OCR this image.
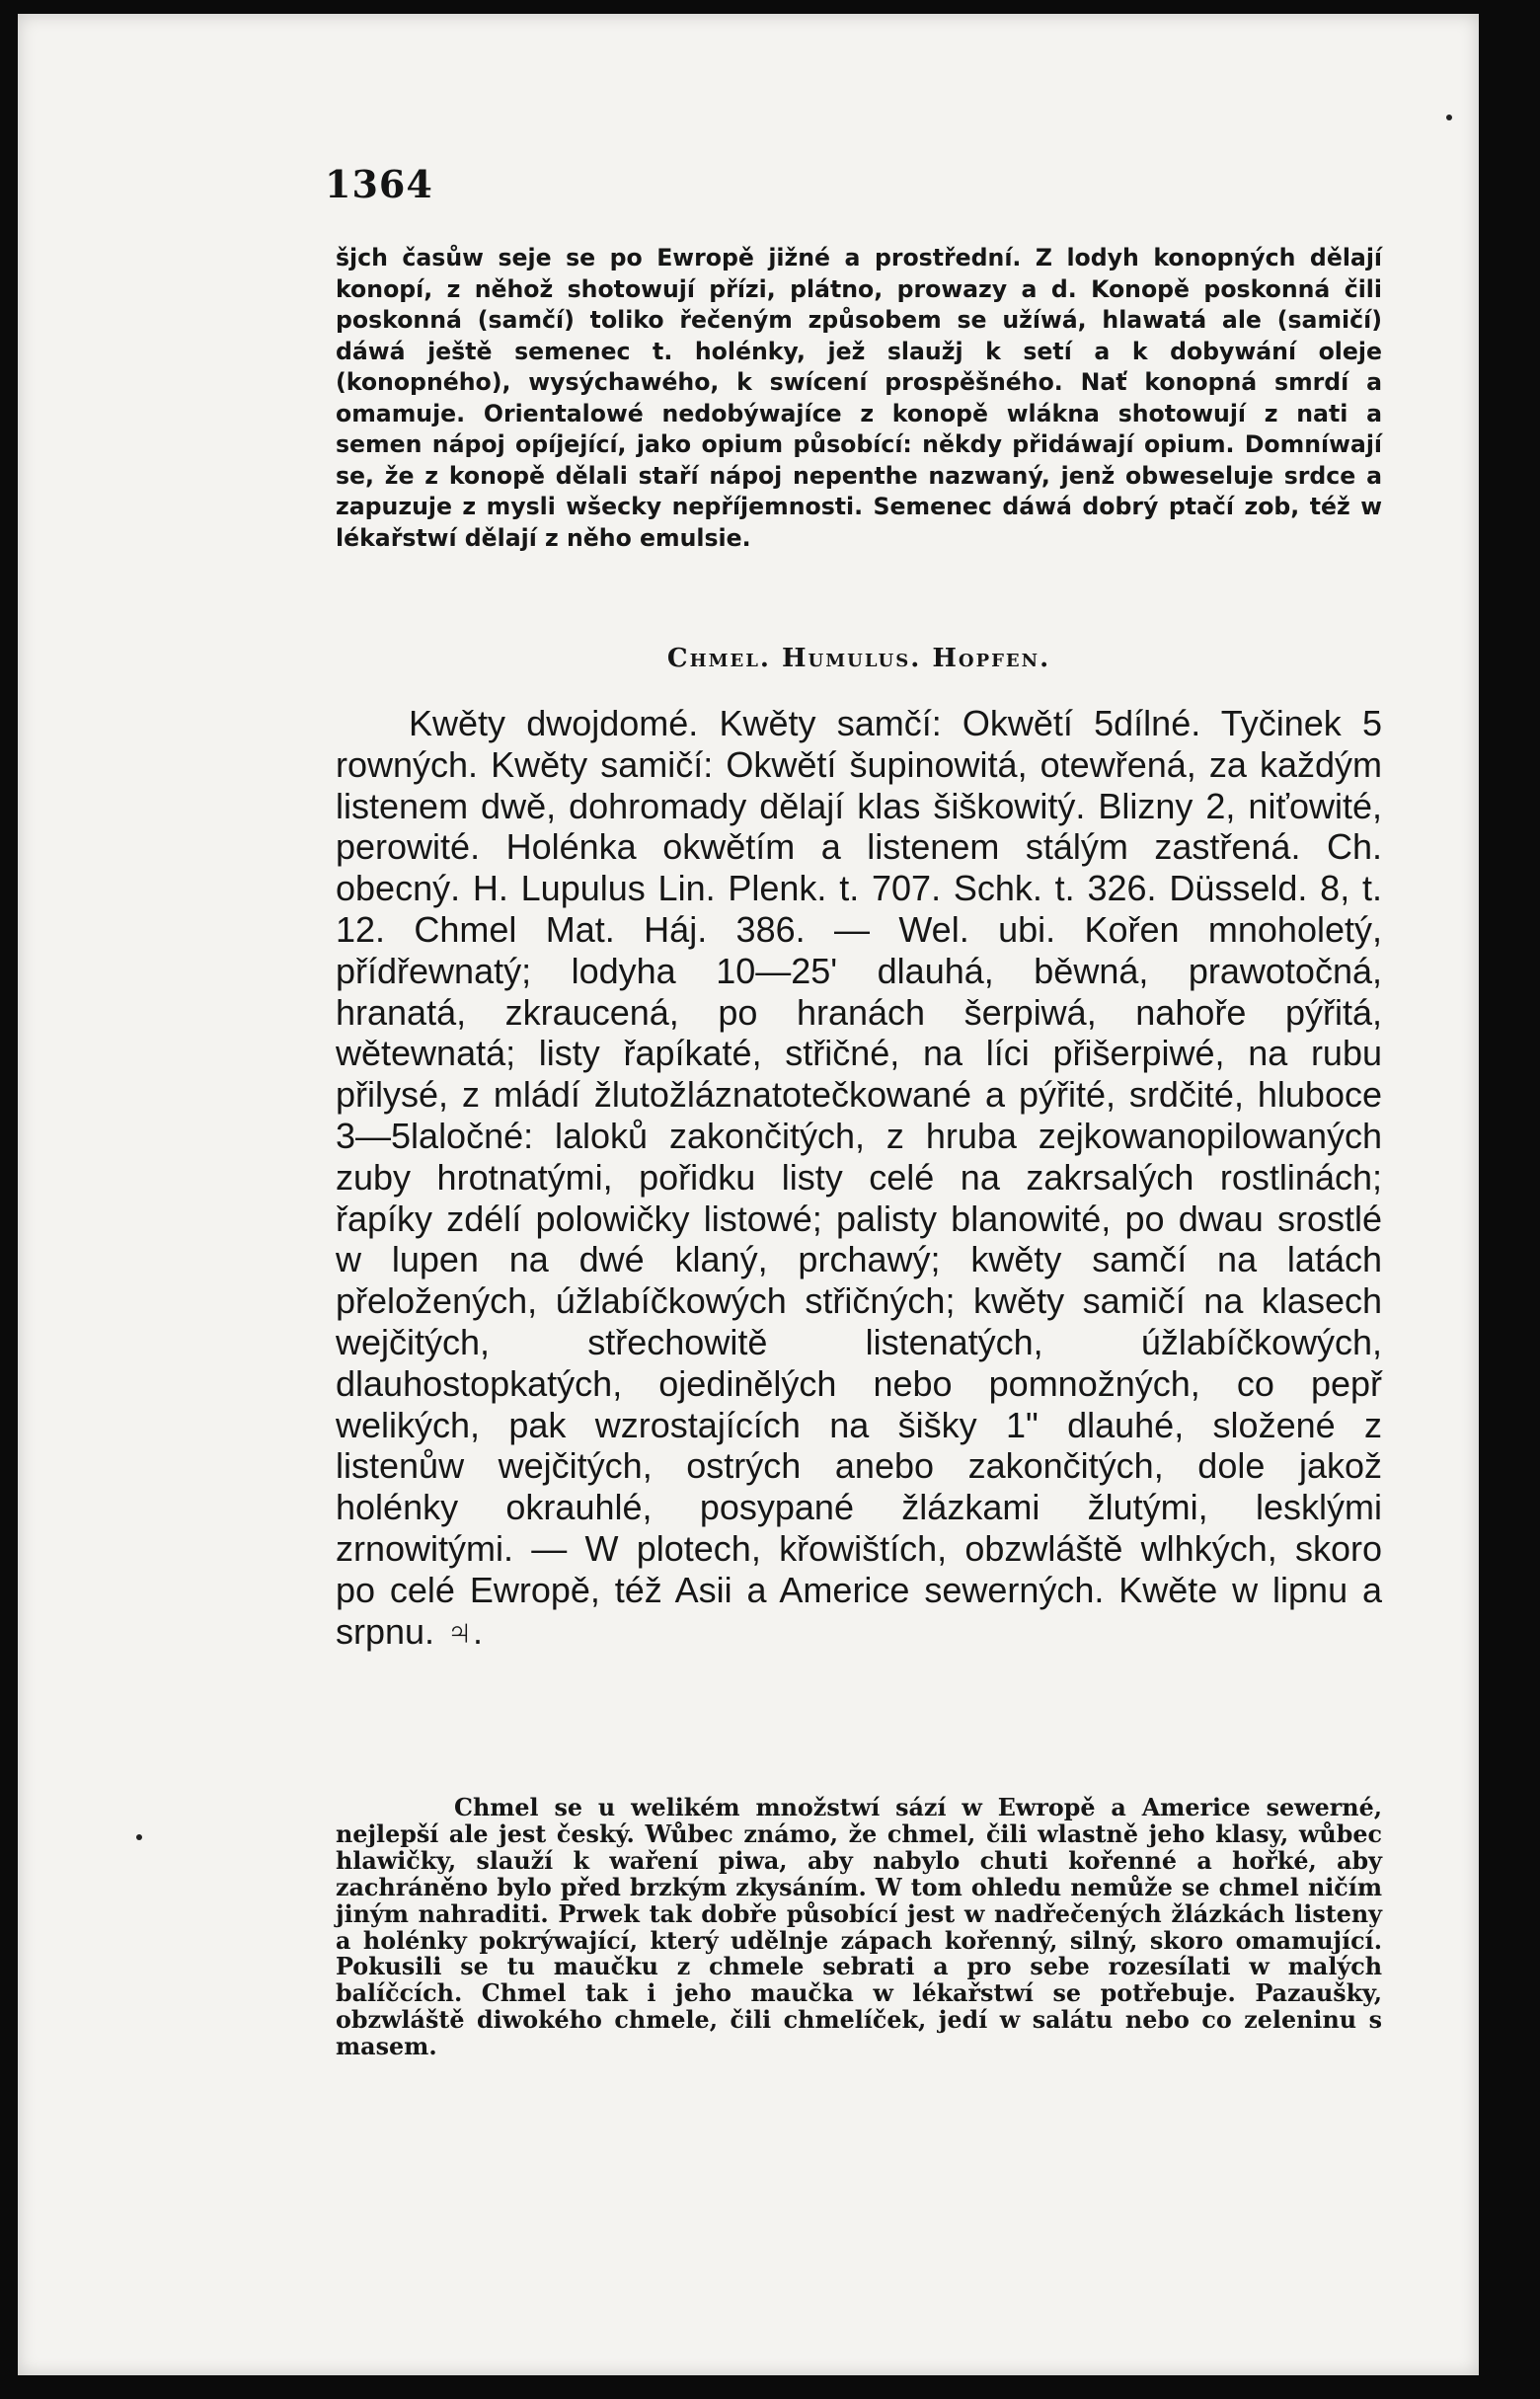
1364

šjch časůw seje se po Ewropě jižné a prostřední. Z lodyh konopných dělají konopí, z něhož shotowují přízi, plátno, prowazy a d. Konopě poskonná čili poskonná (samčí) toliko řečeným způsobem se užíwá, hlawatá ale (samičí) dáwá ještě semenec t. holénky, jež slaužj k setí a k dobywání oleje (konopného), wysýchawého, k swícení prospěšného. Nať konopná smrdí a omamuje. Orientalowé nedobýwajíce z konopě wlákna shotowují z nati a semen nápoj opíjející, jako opium působící: někdy přidáwají opium. Domníwají se, že z konopě dělali staří nápoj nepenthe nazwaný, jenž obweseluje srdce a zapuzuje z mysli wšecky nepříjemnosti. Semenec dáwá dobrý ptačí zob, též w lékařstwí dělají z něho emulsie.

Chmel. Humulus. Hopfen.

Kwěty dwojdomé. Kwěty samčí: Okwětí 5dílné. Tyčinek 5 rowných. Kwěty samičí: Okwětí šupinowitá, otewřená, za každým listenem dwě, dohromady dělají klas šiškowitý. Blizny 2, niťowité, perowité. Holénka okwětím a listenem stálým zastřená. Ch. obecný. H. Lupulus Lin. Plenk. t. 707. Schk. t. 326. Düsseld. 8, t. 12. Chmel Mat. Háj. 386. — Wel. ubi. Kořen mnoholetý, přídřewnatý; lodyha 10—25' dlauhá, běwná, prawotočná, hranatá, zkraucená, po hranách šerpiwá, nahoře pýřitá, wětewnatá; listy řapíkaté, střičné, na líci přišerpiwé, na rubu přilysé, z mládí žlutožláznatotečkowané a pýřité, srdčité, hluboce 3—5laločné: laloků zakončitých, z hruba zejkowanopilowaných zuby hrotnatými, pořidku listy celé na zakrsalých rostlinách; řapíky zdélí polowičky listowé; palisty blanowité, po dwau srostlé w lupen na dwé klaný, prchawý; kwěty samčí na latách přeložených, úžlabíčkowých střičných; kwěty samičí na klasech wejčitých, střechowitě listenatých, úžlabíčkowých, dlauhostopkatých, ojedinělých nebo pomnožných, co pepř welikých, pak wzrostajících na šišky 1" dlauhé, složené z listenůw wejčitých, ostrých anebo zakončitých, dole jakož holénky okrauhlé, posypané žlázkami žlutými, lesklými zrnowitými. — W plotech, křowištích, obzwláště wlhkých, skoro po celé Ewropě, též Asii a Americe sewerných. Kwěte w lipnu a srpnu. ♃.

Chmel se u welikém množstwí sází w Ewropě a Americe sewerné, nejlepší ale jest český. Wůbec známo, že chmel, čili wlastně jeho klasy, wůbec hlawičky, slauží k waření piwa, aby nabylo chuti kořenné a hořké, aby zachráněno bylo před brzkým zkysáním. W tom ohledu nemůže se chmel ničím jiným nahraditi. Prwek tak dobře působící jest w nadřečených žlázkách listeny a holénky pokrýwající, který udělnje zápach kořenný, silný, skoro omamující. Pokusili se tu maučku z chmele sebrati a pro sebe rozesílati w malých balíčcích. Chmel tak i jeho maučka w lékařstwí se potřebuje. Pazaušky, obzwláště diwokého chmele, čili chmelíček, jedí w salátu nebo co zeleninu s masem.
